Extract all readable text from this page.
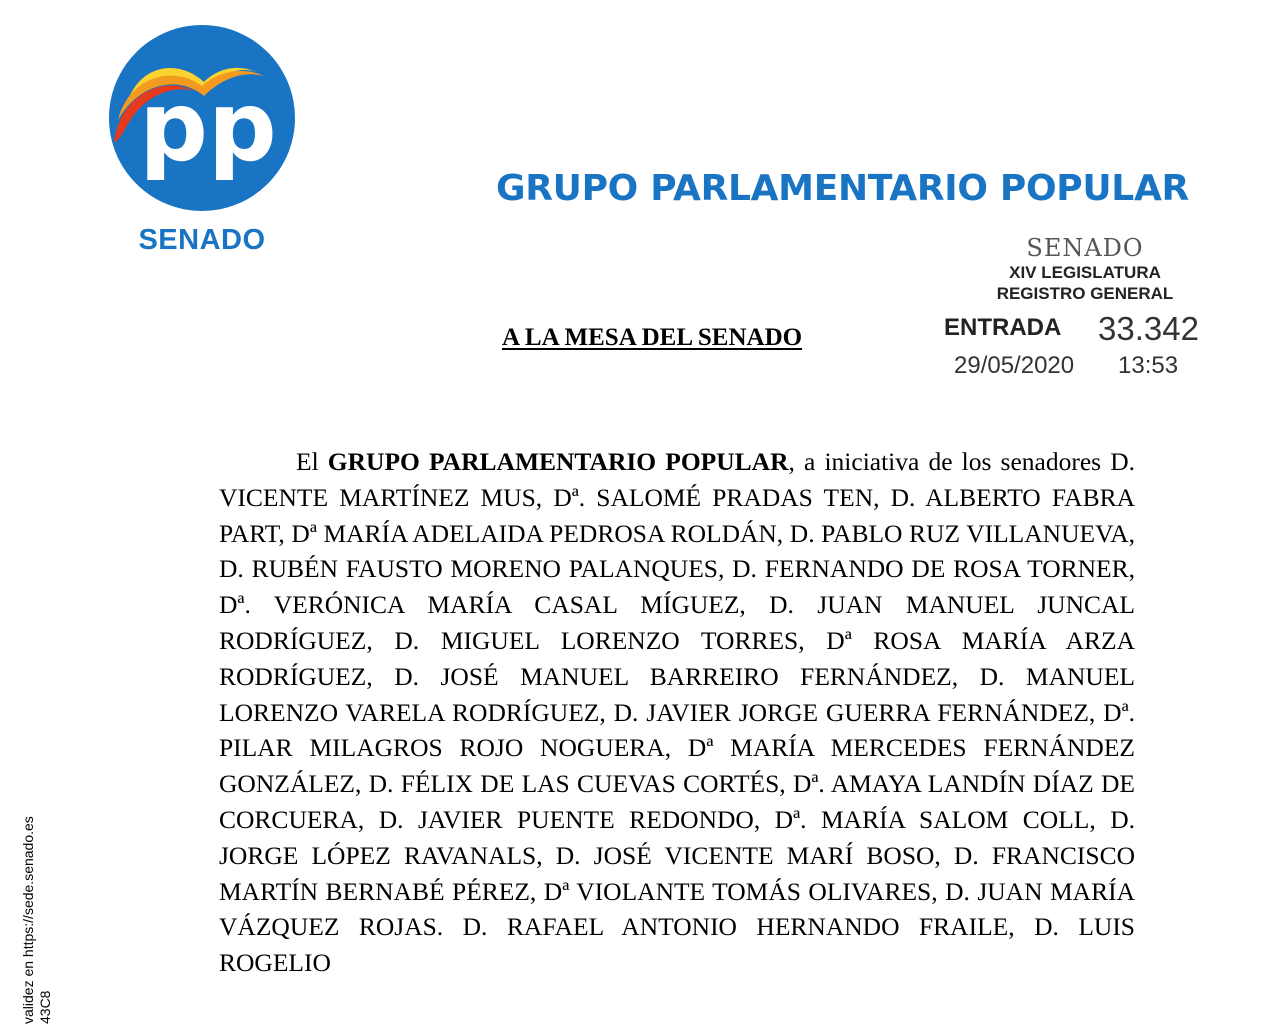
pp
SENADO
GRUPO PARLAMENTARIO POPULAR
SENADO
XIV LEGISLATURA
REGISTRO GENERAL
ENTRADA 33.342
29/05/2020 13:53
A LA MESA DEL SENADO

El GRUPO PARLAMENTARIO POPULAR, a iniciativa de los senadores D. VICENTE MARTÍNEZ MUS, Dª. SALOMÉ PRADAS TEN, D. ALBERTO FABRA PART, Dª MARÍA ADELAIDA PEDROSA ROLDÁN, D. PABLO RUZ VILLANUEVA, D. RUBÉN FAUSTO MORENO PALANQUES, D. FERNANDO DE ROSA TORNER, Dª. VERÓNICA MARÍA CASAL MÍGUEZ, D. JUAN MANUEL JUNCAL RODRÍGUEZ, D. MIGUEL LORENZO TORRES, Dª ROSA MARÍA ARZA RODRÍGUEZ, D. JOSÉ MANUEL BARREIRO FERNÁNDEZ, D. MANUEL LORENZO VARELA RODRÍGUEZ, D. JAVIER JORGE GUERRA FERNÁNDEZ, Dª. PILAR MILAGROS ROJO NOGUERA, Dª MARÍA MERCEDES FERNÁNDEZ GONZÁLEZ, D. FÉLIX DE LAS CUEVAS CORTÉS, Dª. AMAYA LANDÍN DÍAZ DE CORCUERA, D. JAVIER PUENTE REDONDO, Dª. MARÍA SALOM COLL, D. JORGE LÓPEZ RAVANALS, D. JOSÉ VICENTE MARÍ BOSO, D. FRANCISCO MARTÍN BERNABÉ PÉREZ, Dª VIOLANTE TOMÁS OLIVARES, D. JUAN MARÍA VÁZQUEZ ROJAS. D. RAFAEL ANTONIO HERNANDO FRAILE, D. LUIS ROGELIO

validez en https://sede.senado.es 43C8
